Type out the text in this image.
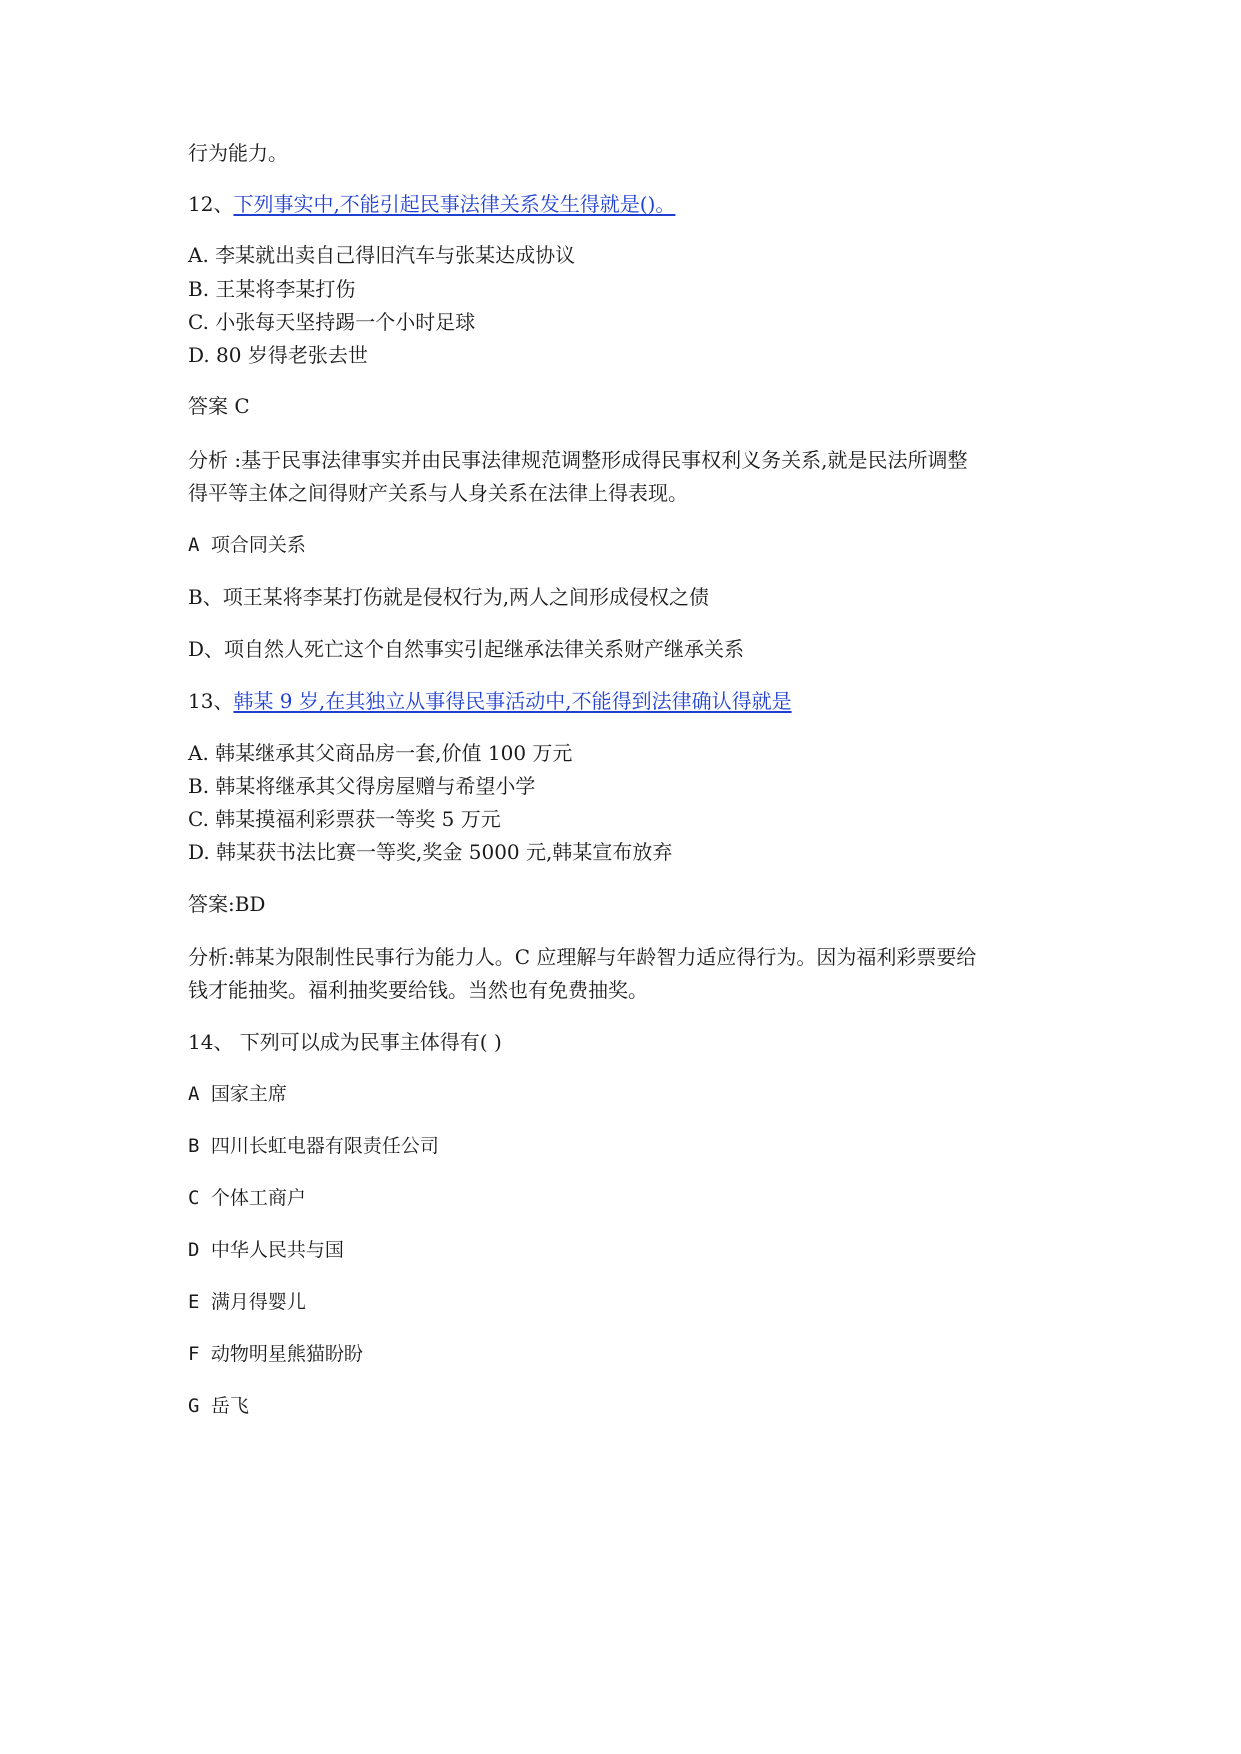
行为能力。

12、下列事实中,不能引起民事法律关系发生得就是()。

A. 李某就出卖自己得旧汽车与张某达成协议

B. 王某将李某打伤

C. 小张每天坚持踢一个小时足球

D. 80 岁得老张去世

答案 C

分析 :基于民事法律事实并由民事法律规范调整形成得民事权利义务关系,就是民法所调整

得平等主体之间得财产关系与人身关系在法律上得表现。

A 项合同关系

B、项王某将李某打伤就是侵权行为,两人之间形成侵权之债

D、项自然人死亡这个自然事实引起继承法律关系财产继承关系

13、韩某 9 岁,在其独立从事得民事活动中,不能得到法律确认得就是

A. 韩某继承其父商品房一套,价值 100 万元

B. 韩某将继承其父得房屋赠与希望小学

C. 韩某摸福利彩票获一等奖 5 万元

D. 韩某获书法比赛一等奖,奖金 5000 元,韩某宣布放弃

答案:BD

分析:韩某为限制性民事行为能力人。C 应理解与年龄智力适应得行为。因为福利彩票要给

钱才能抽奖。福利抽奖要给钱。当然也有免费抽奖。

14、 下列可以成为民事主体得有( )

A 国家主席

B 四川长虹电器有限责任公司

C 个体工商户

D 中华人民共与国

E 满月得婴儿

F 动物明星熊猫盼盼

G 岳飞
